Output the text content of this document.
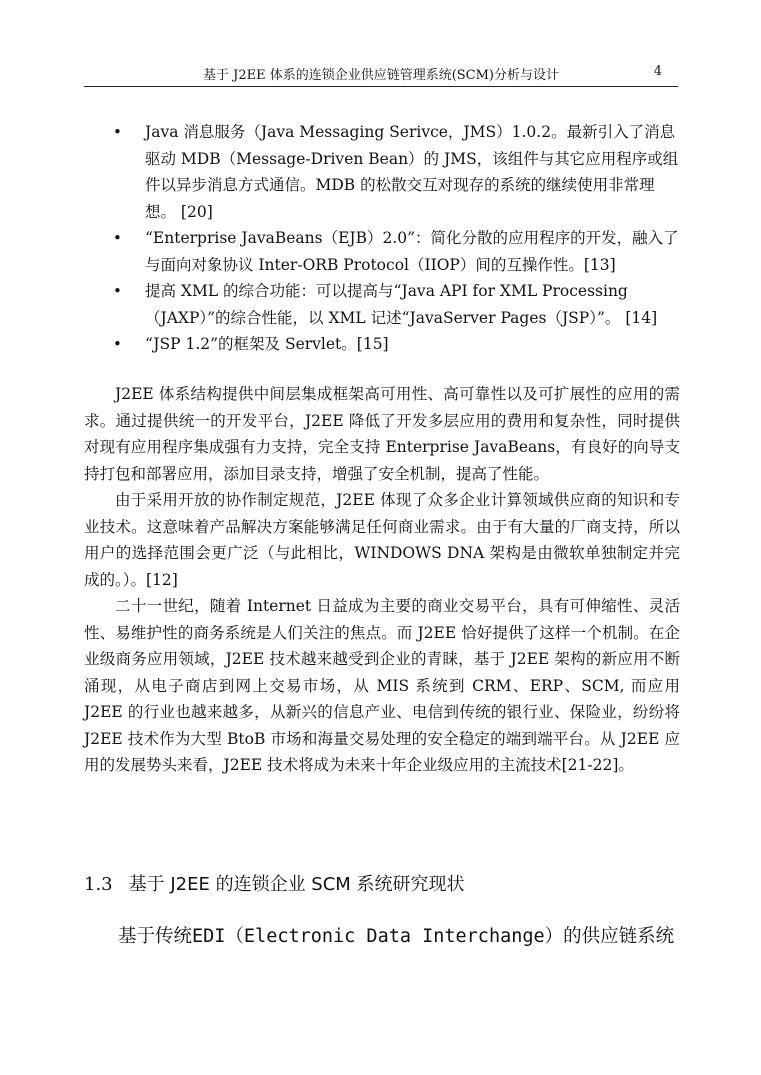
基于 J2EE 体系的连锁企业供应链管理系统(SCM)分析与设计	4
• Java 消息服务（Java Messaging Serivce，JMS）1.0.2。最新引入了消息驱动 MDB（Message-Driven Bean）的 JMS，该组件与其它应用程序或组件以异步消息方式通信。MDB 的松散交互对现存的系统的继续使用非常理想。 [20]
• “Enterprise JavaBeans（EJB）2.0”：简化分散的应用程序的开发，融入了与面向对象协议 Inter-ORB Protocol（IIOP）间的互操作性。[13]
• 提高 XML 的综合功能：可以提高与“Java API for XML Processing（JAXP）”的综合性能，以 XML 记述“JavaServer Pages（JSP）”。 [14]
• “JSP 1.2”的框架及 Servlet。[15]

J2EE 体系结构提供中间层集成框架高可用性、高可靠性以及可扩展性的应用的需求。通过提供统一的开发平台，J2EE 降低了开发多层应用的费用和复杂性，同时提供对现有应用程序集成强有力支持，完全支持 Enterprise JavaBeans，有良好的向导支持打包和部署应用，添加目录支持，增强了安全机制，提高了性能。

由于采用开放的协作制定规范，J2EE 体现了众多企业计算领域供应商的知识和专业技术。这意味着产品解决方案能够满足任何商业需求。由于有大量的厂商支持，所以用户的选择范围会更广泛（与此相比，WINDOWS DNA 架构是由微软单独制定并完成的。）。[12]

二十一世纪，随着 Internet 日益成为主要的商业交易平台，具有可伸缩性、灵活性、易维护性的商务系统是人们关注的焦点。而 J2EE 恰好提供了这样一个机制。在企业级商务应用领域，J2EE 技术越来越受到企业的青睐，基于 J2EE 架构的新应用不断涌现，从电子商店到网上交易市场，从 MIS 系统到 CRM、ERP、SCM, 而应用 J2EE 的行业也越来越多，从新兴的信息产业、电信到传统的银行业、保险业，纷纷将 J2EE 技术作为大型 BtoB 市场和海量交易处理的安全稳定的端到端平台。从 J2EE 应用的发展势头来看，J2EE 技术将成为未来十年企业级应用的主流技术[21-22]。

1.3 基于 J2EE 的连锁企业 SCM 系统研究现状
基于传统EDI（Electronic Data Interchange）的供应链系统
